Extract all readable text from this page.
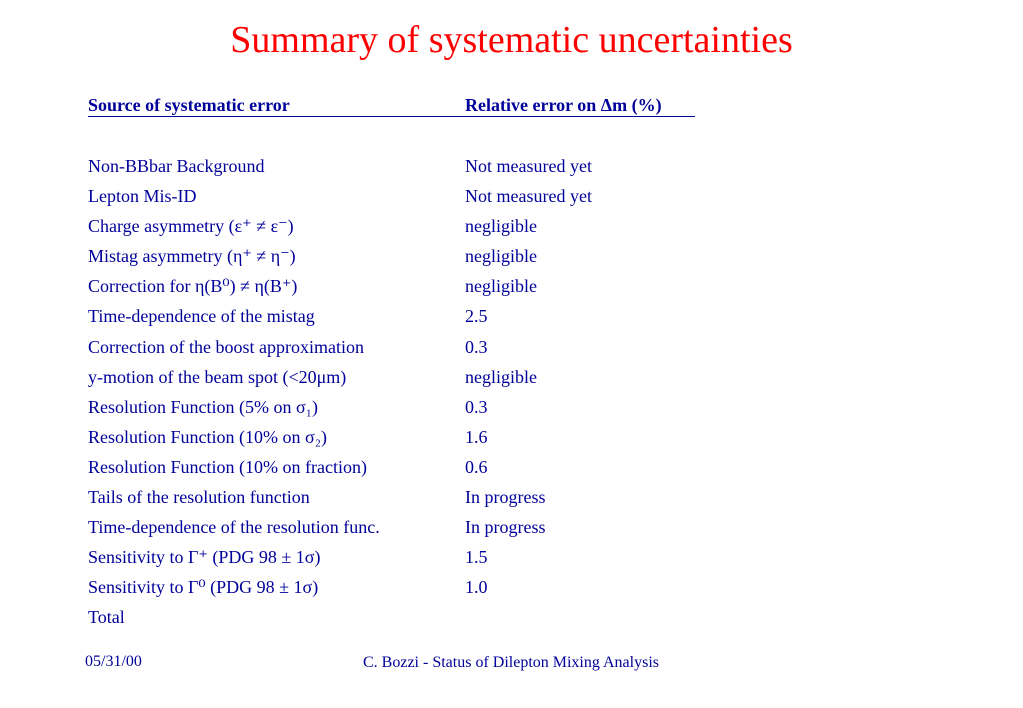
Summary of systematic uncertainties
Source of systematic error	Relative error on Δm (%)
Non-BBbar Background	Not measured yet
Lepton Mis-ID	Not measured yet
Charge asymmetry (ε⁺ ≠ ε⁻)	negligible
Mistag asymmetry (η⁺ ≠ η⁻)	negligible
Correction for η(B⁰) ≠ η(B⁺)	negligible
Time-dependence of the mistag	2.5
Correction of the boost approximation	0.3
y-motion of the beam spot (<20μm)	negligible
Resolution Function (5% on σ₁)	0.3
Resolution Function (10% on σ₂)	1.6
Resolution Function (10% on fraction)	0.6
Tails of the resolution function	In progress
Time-dependence of the resolution func.	In progress
Sensitivity to Γ⁺ (PDG 98 ± 1σ)	1.5
Sensitivity to Γ⁰ (PDG 98 ± 1σ)	1.0
Total
05/31/00	C. Bozzi - Status of Dilepton Mixing Analysis
